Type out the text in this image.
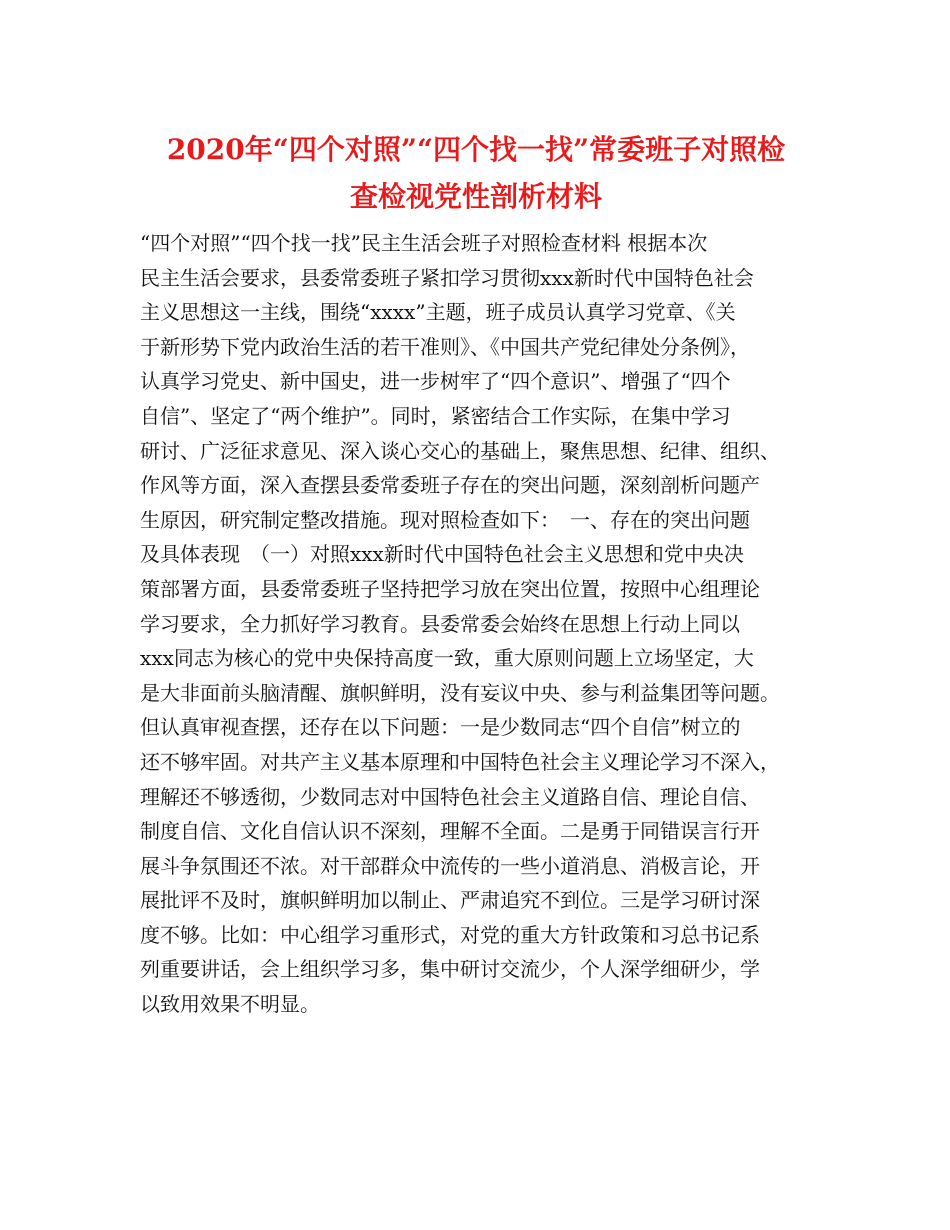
2020年“四个对照”“四个找一找”常委班子对照检
查检视党性剖析材料
“四个对照”“四个找一找”民主生活会班子对照检查材料 根据本次
民主生活会要求，县委常委班子紧扣学习贯彻xxx新时代中国特色社会
主义思想这一主线，围绕“xxxx”主题，班子成员认真学习党章、《关
于新形势下党内政治生活的若干准则》、《中国共产党纪律处分条例》，
认真学习党史、新中国史，进一步树牢了“四个意识”、增强了“四个
自信”、坚定了“两个维护”。同时，紧密结合工作实际，在集中学习
研讨、广泛征求意见、深入谈心交心的基础上，聚焦思想、纪律、组织、
作风等方面，深入查摆县委常委班子存在的突出问题，深刻剖析问题产
生原因，研究制定整改措施。现对照检查如下：　一、存在的突出问题
及具体表现　（一）对照xxx新时代中国特色社会主义思想和党中央决
策部署方面，县委常委班子坚持把学习放在突出位置，按照中心组理论
学习要求，全力抓好学习教育。县委常委会始终在思想上行动上同以
xxx同志为核心的党中央保持高度一致，重大原则问题上立场坚定，大
是大非面前头脑清醒、旗帜鲜明，没有妄议中央、参与利益集团等问题。
但认真审视查摆，还存在以下问题：一是少数同志“四个自信”树立的
还不够牢固。对共产主义基本原理和中国特色社会主义理论学习不深入，
理解还不够透彻，少数同志对中国特色社会主义道路自信、理论自信、
制度自信、文化自信认识不深刻，理解不全面。二是勇于同错误言行开
展斗争氛围还不浓。对干部群众中流传的一些小道消息、消极言论，开
展批评不及时，旗帜鲜明加以制止、严肃追究不到位。三是学习研讨深
度不够。比如：中心组学习重形式，对党的重大方针政策和习总书记系
列重要讲话，会上组织学习多，集中研讨交流少，个人深学细研少，学
以致用效果不明显。
